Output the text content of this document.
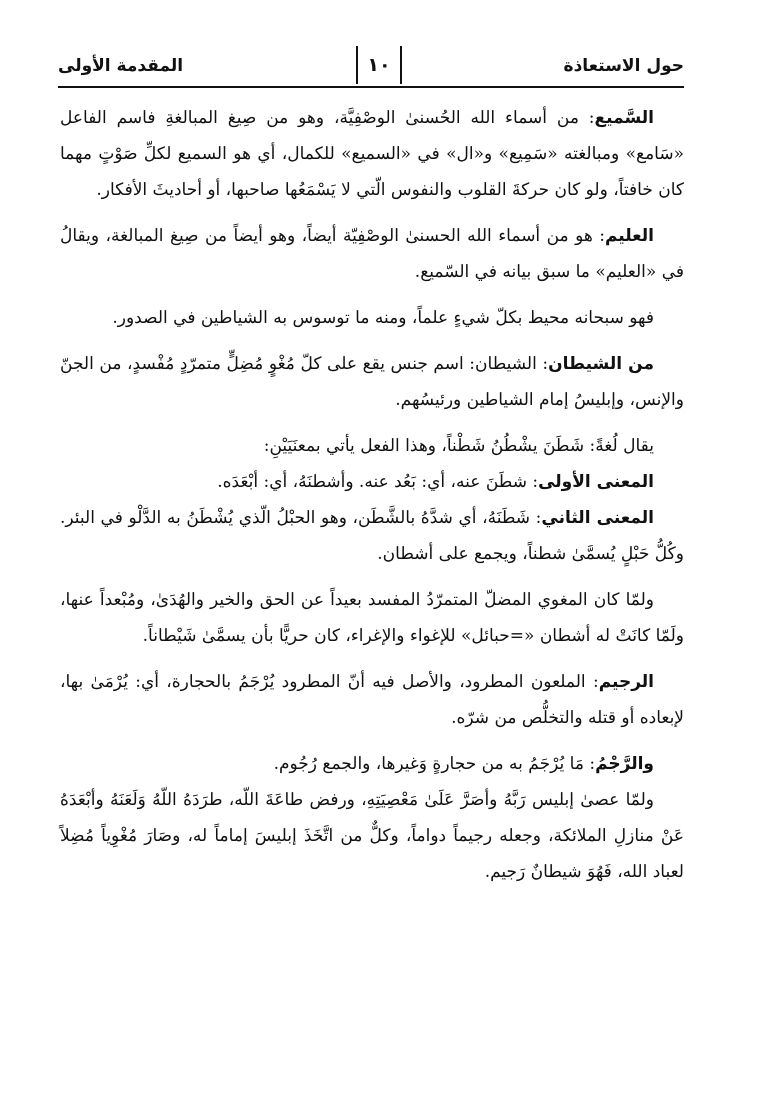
حول الاستعاذة
١٠
المقدمة الأولى

السَّميع: من أسماء الله الحُسنىٰ الوصْفِيَّة، وهو من صِيغ المبالغةِ فاسم الفاعل «سَامع» ومبالغته «سَمِيع» و«ال» في «السميع» للكمال، أي هو السميع لكلِّ صَوْتٍ مهما كان خافتاً، ولو كان حركةَ القلوب والنفوس الّتي لا يَسْمَعُها صاحبها، أو أحاديثَ الأفكار.

العليم: هو من أسماء الله الحسنىٰ الوصْفِيّة أيضاً، وهو أيضاً من صِيغ المبالغة، ويقالُ في «العليم» ما سبق بيانه في السّميع.

فهو سبحانه محيط بكلّ شيءٍ علماً، ومنه ما توسوس به الشياطين في الصدور.

من الشيطان: الشيطان: اسم جنس يقع على كلّ مُغْوٍ مُضِلٍّ متمرّدٍ مُفْسدٍ، من الجنّ والإنس، وإبليسُ إمام الشياطين ورئيسُهم.

يقال لُغةً: شَطَنَ يشْطُنُ شَطْناً، وهذا الفعل يأتي بمعنَيَيْنِ:

المعنى الأولى: شطَنَ عنه، أي: بَعُد عنه. وأشطنَهُ، أي: أبْعَدَه.

المعنى الثاني: شَطَنَهُ، أي شدَّهُ بالشَّطَن، وهو الحبْلُ الّذي يُشْطَنُ به الدَّلْو في البئر. وكُلُّ حَبْلٍ يُسمَّىٰ شطناً، ويجمع على أشطان.

ولمّا كان المغوي المضلّ المتمرّدُ المفسد بعيداً عن الحق والخير والهُدَىٰ، ومُبْعداً عنها، ولَمّا كانَتْ له أشطان «=حبائل» للإغواء والإغراء، كان حريًّا بأن يسمَّىٰ شَيْطاناً.

الرجيم: الملعون المطرود، والأصل فيه أنّ المطرود يُرْجَمُ بالحجارة، أي: يُرْمَىٰ بها، لإبعاده أو قتله والتخلُّص من شرّه.

والرَّجْمُ: مَا يُرْجَمُ به من حجارةٍ وَغيرها، والجمع رُجُوم.

ولمّا عصىٰ إبليس رَبَّهُ وأصَرَّ عَلَىٰ مَعْصِيَتِهِ، ورفض طاعَةَ اللّه، طرَدَهُ اللّهُ وَلَعَنَهُ وأبْعَدَهُ عَنْ منازلِ الملائكة، وجعله رجيماً دواماً، وكلٌّ من اتَّخَذَ إبليسَ إماماً له، وصَارَ مُغْوِياً مُضِلاً لعباد الله، فَهُوَ شيطانٌ رَجيم.
